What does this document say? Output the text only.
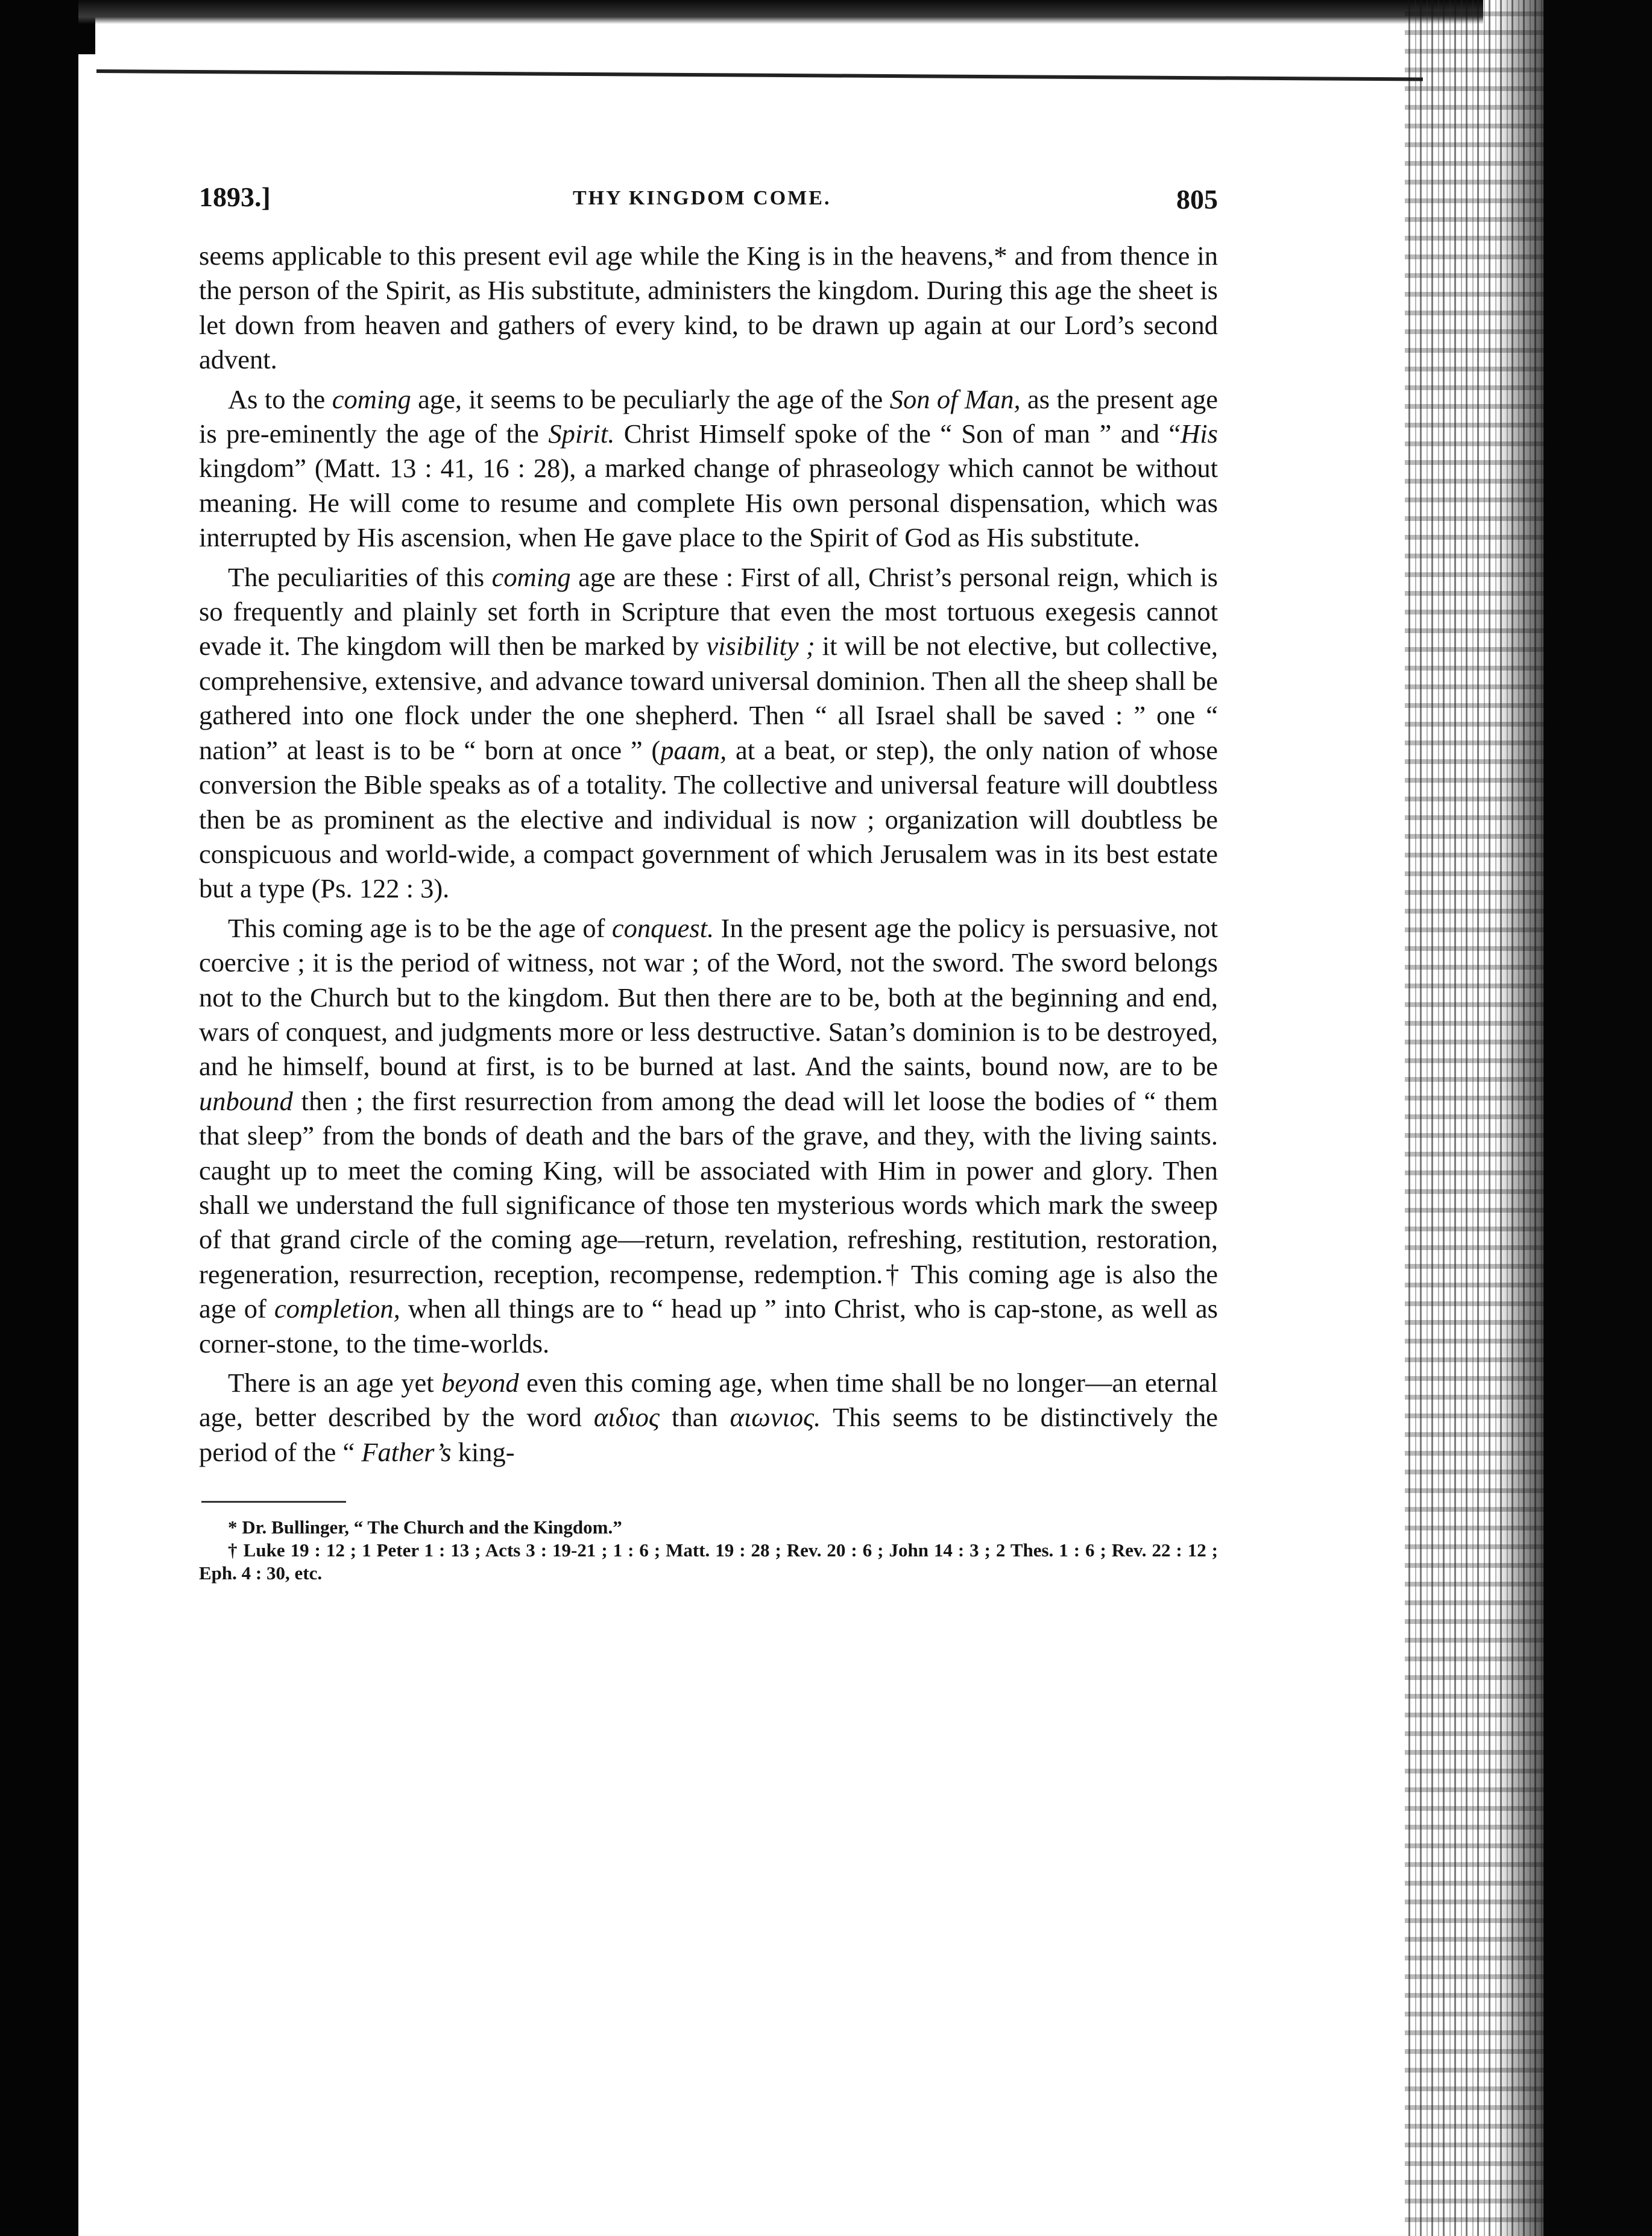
1893.]	THY KINGDOM COME.	805

seems applicable to this present evil age while the King is in the heavens,* and from thence in the person of the Spirit, as His substitute, administers the kingdom. During this age the sheet is let down from heaven and gathers of every kind, to be drawn up again at our Lord’s second advent.

As to the coming age, it seems to be peculiarly the age of the Son of Man, as the present age is pre-eminently the age of the Spirit. Christ Himself spoke of the “ Son of man ” and “His kingdom” (Matt. 13 : 41, 16 : 28), a marked change of phraseology which cannot be without meaning. He will come to resume and complete His own personal dispensation, which was interrupted by His ascension, when He gave place to the Spirit of God as His substitute.

The peculiarities of this coming age are these : First of all, Christ’s personal reign, which is so frequently and plainly set forth in Scripture that even the most tortuous exegesis cannot evade it. The kingdom will then be marked by visibility ; it will be not elective, but collective, comprehensive, extensive, and advance toward universal dominion. Then all the sheep shall be gathered into one flock under the one shepherd. Then “ all Israel shall be saved : ” one “ nation” at least is to be “ born at once ” (paam, at a beat, or step), the only nation of whose conversion the Bible speaks as of a totality. The collective and universal feature will doubtless then be as prominent as the elective and individual is now ; organization will doubtless be conspicuous and world-wide, a compact government of which Jerusalem was in its best estate but a type (Ps. 122 : 3).

This coming age is to be the age of conquest. In the present age the policy is persuasive, not coercive ; it is the period of witness, not war ; of the Word, not the sword. The sword belongs not to the Church but to the kingdom. But then there are to be, both at the beginning and end, wars of conquest, and judgments more or less destructive. Satan’s dominion is to be destroyed, and he himself, bound at first, is to be burned at last. And the saints, bound now, are to be unbound then ; the first resurrection from among the dead will let loose the bodies of “ them that sleep” from the bonds of death and the bars of the grave, and they, with the living saints. caught up to meet the coming King, will be associated with Him in power and glory. Then shall we understand the full significance of those ten mysterious words which mark the sweep of that grand circle of the coming age—return, revelation, refreshing, restitution, restoration, regeneration, resurrection, reception, recompense, redemption.† This coming age is also the age of completion, when all things are to “ head up ” into Christ, who is cap-stone, as well as corner-stone, to the time-worlds.

There is an age yet beyond even this coming age, when time shall be no longer—an eternal age, better described by the word αιδιος than αιωνιος. This seems to be distinctively the period of the “ Father’s king-

* Dr. Bullinger, “ The Church and the Kingdom.”

† Luke 19 : 12 ; 1 Peter 1 : 13 ; Acts 3 : 19-21 ; 1 : 6 ; Matt. 19 : 28 ; Rev. 20 : 6 ; John 14 : 3 ; 2 Thes. 1 : 6 ; Rev. 22 : 12 ; Eph. 4 : 30, etc.
